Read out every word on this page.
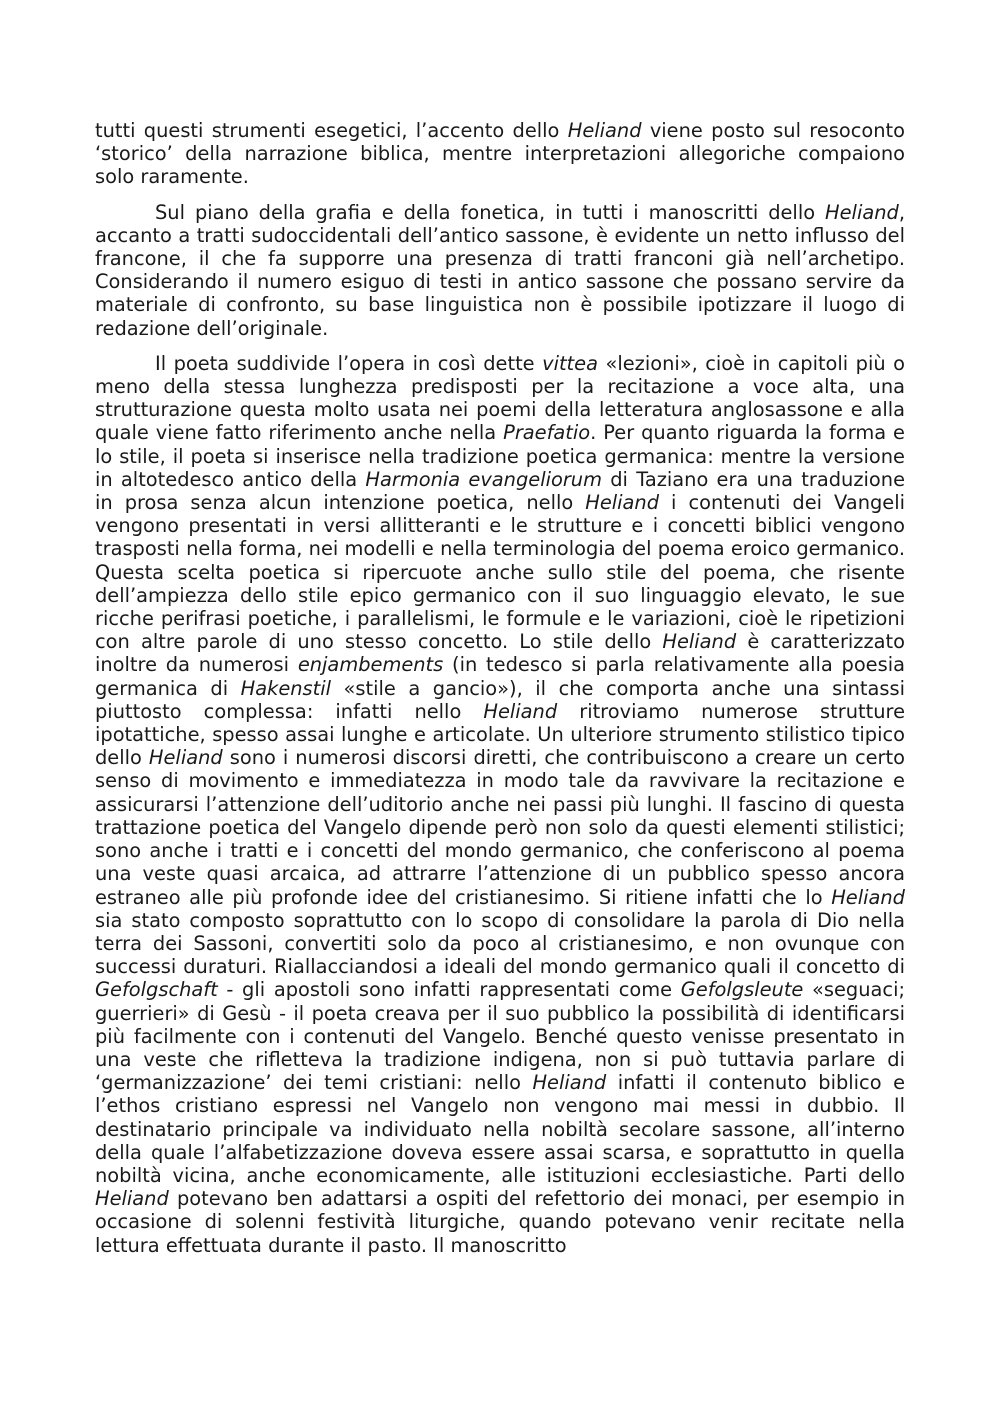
tutti questi strumenti esegetici, l’accento dello Heliand viene posto sul resoconto ‘storico’ della narrazione biblica, mentre interpretazioni allegoriche compaiono solo raramente.

Sul piano della grafia e della fonetica, in tutti i manoscritti dello Heliand, accanto a tratti sudoccidentali dell’antico sassone, è evidente un netto influsso del francone, il che fa supporre una presenza di tratti franconi già nell’archetipo. Considerando il numero esiguo di testi in antico sassone che possano servire da materiale di confronto, su base linguistica non è possibile ipotizzare il luogo di redazione dell’originale.

Il poeta suddivide l’opera in così dette vittea «lezioni», cioè in capitoli più o meno della stessa lunghezza predisposti per la recitazione a voce alta, una strutturazione questa molto usata nei poemi della letteratura anglosassone e alla quale viene fatto riferimento anche nella Praefatio. Per quanto riguarda la forma e lo stile, il poeta si inserisce nella tradizione poetica germanica: mentre la versione in altotedesco antico della Harmonia evangeliorum di Taziano era una traduzione in prosa senza alcun intenzione poetica, nello Heliand i contenuti dei Vangeli vengono presentati in versi allitteranti e le strutture e i concetti biblici vengono trasposti nella forma, nei modelli e nella terminologia del poema eroico germanico. Questa scelta poetica si ripercuote anche sullo stile del poema, che risente dell’ampiezza dello stile epico germanico con il suo linguaggio elevato, le sue ricche perifrasi poetiche, i parallelismi, le formule e le variazioni, cioè le ripetizioni con altre parole di uno stesso concetto. Lo stile dello Heliand è caratterizzato inoltre da numerosi enjambements (in tedesco si parla relativamente alla poesia germanica di Hakenstil «stile a gancio»), il che comporta anche una sintassi piuttosto complessa: infatti nello Heliand ritroviamo numerose strutture ipotattiche, spesso assai lunghe e articolate. Un ulteriore strumento stilistico tipico dello Heliand sono i numerosi discorsi diretti, che contribuiscono a creare un certo senso di movimento e immediatezza in modo tale da ravvivare la recitazione e assicurarsi l’attenzione dell’uditorio anche nei passi più lunghi. Il fascino di questa trattazione poetica del Vangelo dipende però non solo da questi elementi stilistici; sono anche i tratti e i concetti del mondo germanico, che conferiscono al poema una veste quasi arcaica, ad attrarre l’attenzione di un pubblico spesso ancora estraneo alle più profonde idee del cristianesimo. Si ritiene infatti che lo Heliand sia stato composto soprattutto con lo scopo di consolidare la parola di Dio nella terra dei Sassoni, convertiti solo da poco al cristianesimo, e non ovunque con successi duraturi. Riallacciandosi a ideali del mondo germanico quali il concetto di Gefolgschaft - gli apostoli sono infatti rappresentati come Gefolgsleute «seguaci; guerrieri» di Gesù - il poeta creava per il suo pubblico la possibilità di identificarsi più facilmente con i contenuti del Vangelo. Benché questo venisse presentato in una veste che rifletteva la tradizione indigena, non si può tuttavia parlare di ‘germanizzazione’ dei temi cristiani: nello Heliand infatti il contenuto biblico e l’ethos cristiano espressi nel Vangelo non vengono mai messi in dubbio. Il destinatario principale va individuato nella nobiltà secolare sassone, all’interno della quale l’alfabetizzazione doveva essere assai scarsa, e soprattutto in quella nobiltà vicina, anche economicamente, alle istituzioni ecclesiastiche. Parti dello Heliand potevano ben adattarsi a ospiti del refettorio dei monaci, per esempio in occasione di solenni festività liturgiche, quando potevano venir recitate nella lettura effettuata durante il pasto. Il manoscritto
